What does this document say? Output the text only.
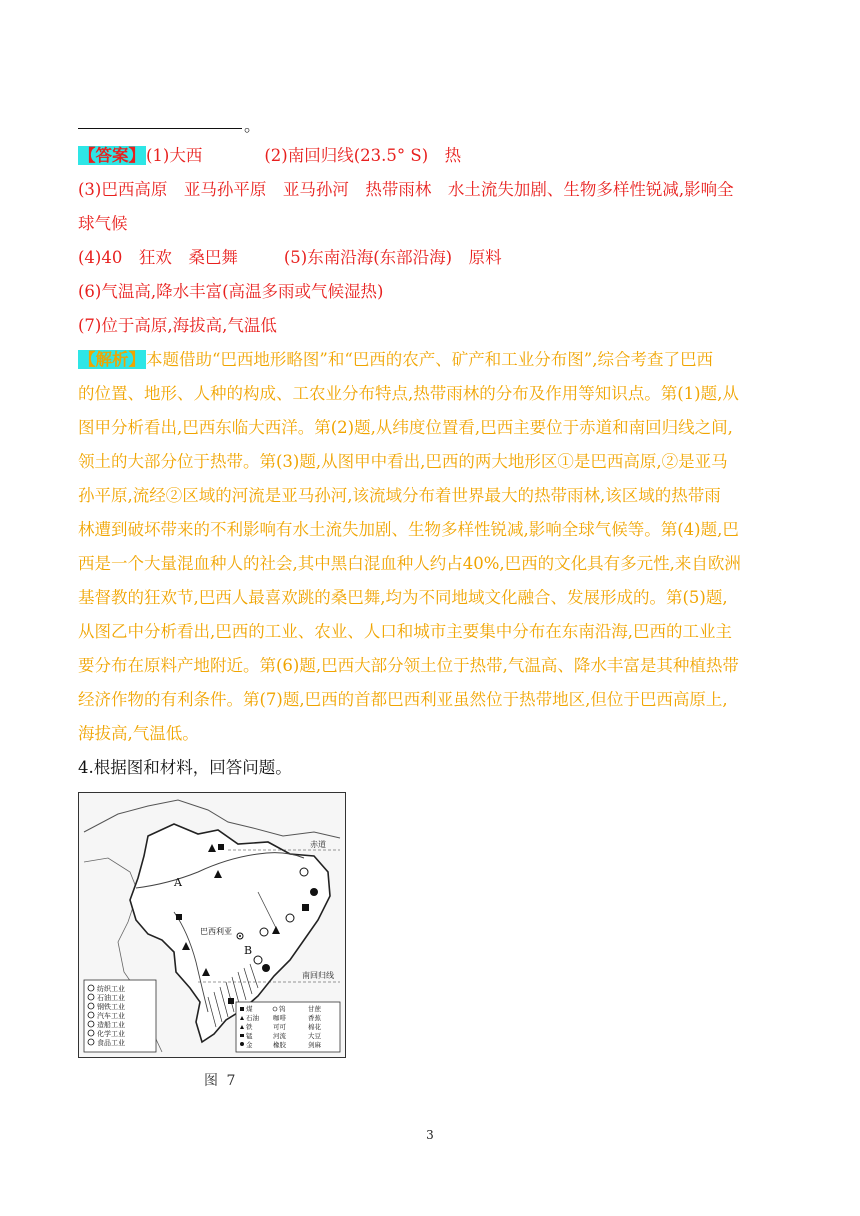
。
【答案】(1)大西	(2)南回归线(23.5° S)　热
(3)巴西高原　亚马孙平原　亚马孙河　热带雨林　水土流失加剧、生物多样性锐减,影响全
球气候
(4)40　狂欢　桑巴舞	(5)东南沿海(东部沿海)　原料
(6)气温高,降水丰富(高温多雨或气候湿热)
(7)位于高原,海拔高,气温低
【解析】本题借助“巴西地形略图”和“巴西的农产、矿产和工业分布图”,综合考查了巴西
的位置、地形、人种的构成、工农业分布特点,热带雨林的分布及作用等知识点。第(1)题,从
图甲分析看出,巴西东临大西洋。第(2)题,从纬度位置看,巴西主要位于赤道和南回归线之间,
领土的大部分位于热带。第(3)题,从图甲中看出,巴西的两大地形区①是巴西高原,②是亚马
孙平原,流经②区域的河流是亚马孙河,该流域分布着世界最大的热带雨林,该区域的热带雨
林遭到破坏带来的不利影响有水土流失加剧、生物多样性锐减,影响全球气候等。第(4)题,巴
西是一个大量混血种人的社会,其中黑白混血种人约占40%,巴西的文化具有多元性,来自欧洲
基督教的狂欢节,巴西人最喜欢跳的桑巴舞,均为不同地域文化融合、发展形成的。第(5)题,
从图乙中分析看出,巴西的工业、农业、人口和城市主要集中分布在东南沿海,巴西的工业主
要分布在原料产地附近。第(6)题,巴西大部分领土位于热带,气温高、降水丰富是其种植热带
经济作物的有利条件。第(7)题,巴西的首都巴西利亚虽然位于热带地区,但位于巴西高原上,
海拔高,气温低。
4.根据图和材料，回答问题。
赤道
南回归线
巴西利亚
A
B
纺织工业
石油工业
钢铁工业
汽车工业
造船工业
化学工业
食品工业
煤
石油
铁
锰
金
钨
咖啡
可可
河流
橡胶
甘蔗
香蕉
棉花
大豆
剑麻
图 7
3
